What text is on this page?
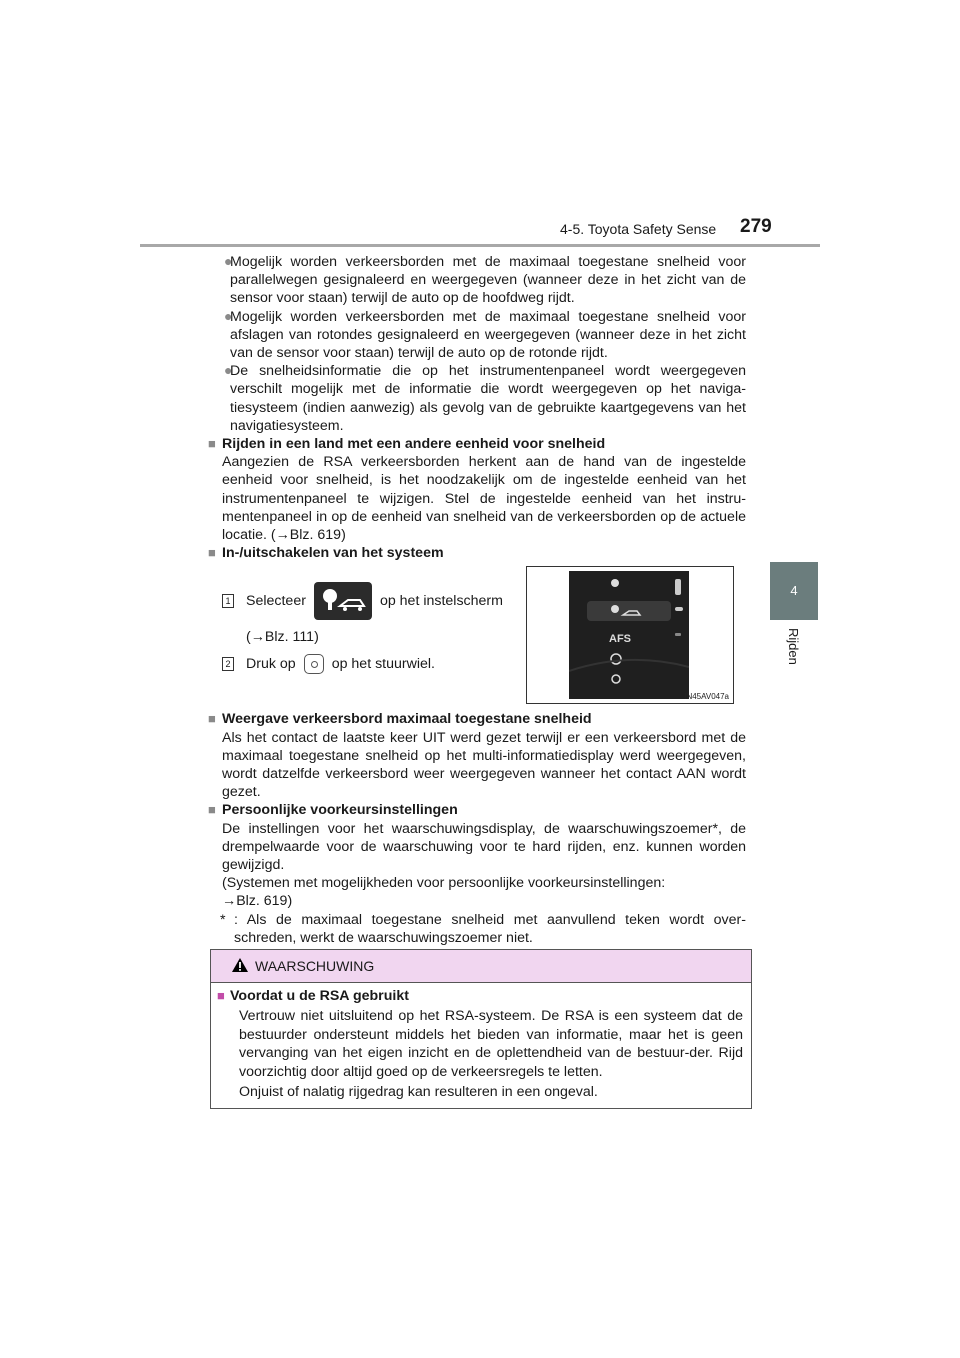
4-5. Toyota Safety Sense 279
4
Rijden
●
Mogelijk worden verkeersborden met de maximaal toegestane snelheid voor parallelwegen gesignaleerd en weergegeven (wanneer deze in het zicht van de sensor voor staan) terwijl de auto op de hoofdweg rijdt.
●
Mogelijk worden verkeersborden met de maximaal toegestane snelheid voor afslagen van rotondes gesignaleerd en weergegeven (wanneer deze in het zicht van de sensor voor staan) terwijl de auto op de rotonde rijdt.
●
De snelheidsinformatie die op het instrumentenpaneel wordt weergegeven verschilt mogelijk met de informatie die wordt weergegeven op het naviga-tiesysteem (indien aanwezig) als gevolg van de gebruikte kaartgegevens van het navigatiesysteem.
■ Rijden in een land met een andere eenheid voor snelheid
Aangezien de RSA verkeersborden herkent aan de hand van de ingestelde eenheid voor snelheid, is het noodzakelijk om de ingestelde eenheid van het instrumentenpaneel te wijzigen. Stel de ingestelde eenheid van het instru-mentenpaneel in op de eenheid van snelheid van de verkeersborden op de actuele locatie. (→Blz. 619)
■ In-/uitschakelen van het systeem
1 Selecteer	op het instelscherm
(→Blz. 111)
2 Druk op	op het stuurwiel.
■ Weergave verkeersbord maximaal toegestane snelheid
Als het contact de laatste keer UIT werd gezet terwijl er een verkeersbord met de maximaal toegestane snelheid op het multi-informatiedisplay werd weergegeven, wordt datzelfde verkeersbord weer weergegeven wanneer het contact AAN wordt gezet.
■ Persoonlijke voorkeursinstellingen
De instellingen voor het waarschuwingsdisplay, de waarschuwingszoemer*, de drempelwaarde voor de waarschuwing voor te hard rijden, enz. kunnen worden gewijzigd.
(Systemen met mogelijkheden voor persoonlijke voorkeursinstellingen:
→Blz. 619)
* : Als de maximaal toegestane snelheid met aanvullend teken wordt over-schreden, werkt de waarschuwingszoemer niet.
AFS
IN45AV047a
WAARSCHUWING
■ Voordat u de RSA gebruikt
Vertrouw niet uitsluitend op het RSA-systeem. De RSA is een systeem dat de bestuurder ondersteunt middels het bieden van informatie, maar het is geen vervanging van het eigen inzicht en de oplettendheid van de bestuur-der. Rijd voorzichtig door altijd goed op de verkeersregels te letten.
Onjuist of nalatig rijgedrag kan resulteren in een ongeval.
